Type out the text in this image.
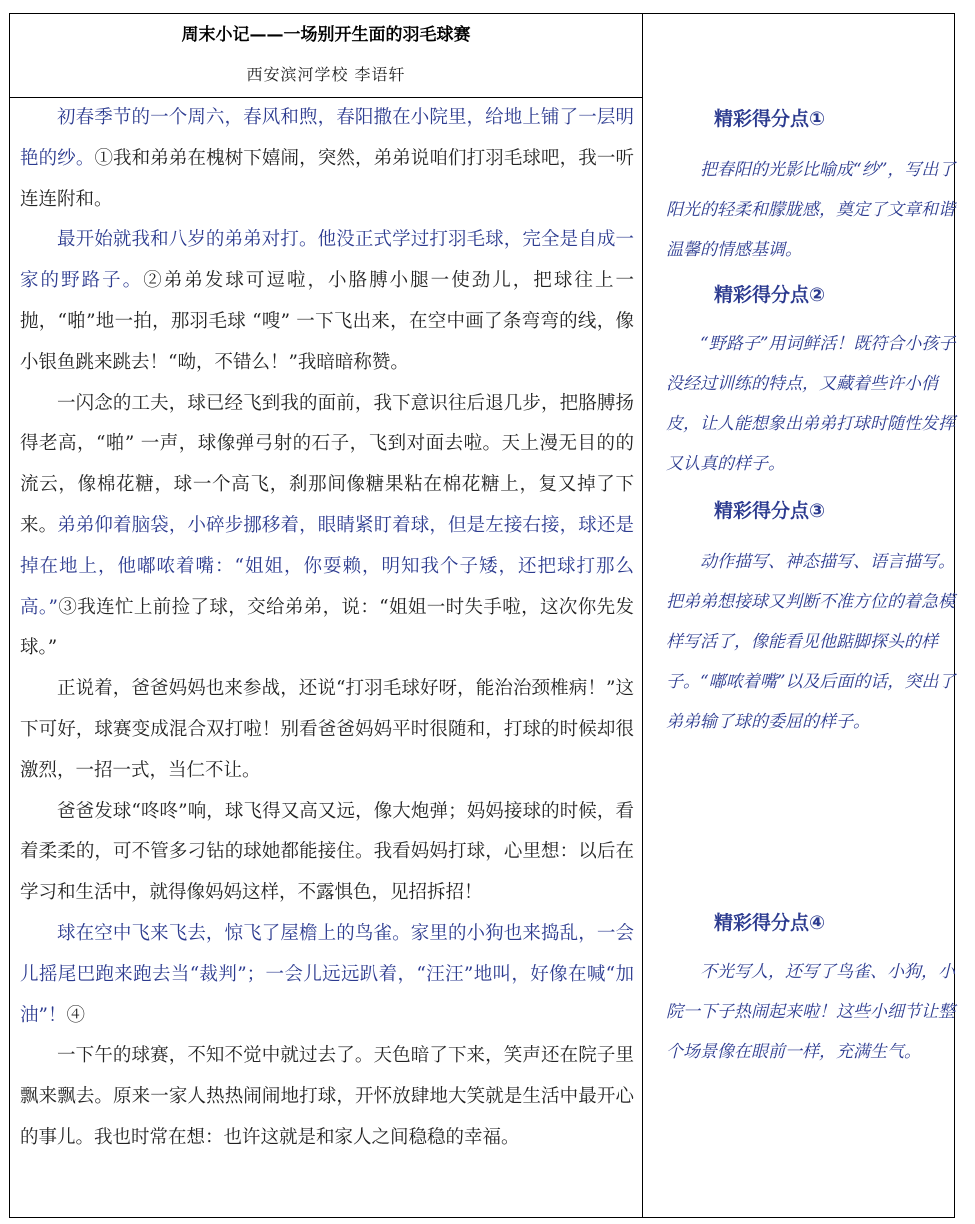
周末小记——一场别开生面的羽毛球赛
西安滨河学校 李语轩

初春季节的一个周六，春风和煦，春阳撒在小院里，给地上铺了一层明艳的纱。①我和弟弟在槐树下嬉闹，突然，弟弟说咱们打羽毛球吧，我一听连连附和。

最开始就我和八岁的弟弟对打。他没正式学过打羽毛球，完全是自成一家的野路子。②弟弟发球可逗啦，小胳膊小腿一使劲儿，把球往上一抛，“啪”地一拍，那羽毛球 “嗖” 一下飞出来，在空中画了条弯弯的线，像小银鱼跳来跳去！“呦，不错么！”我暗暗称赞。

一闪念的工夫，球已经飞到我的面前，我下意识往后退几步，把胳膊扬得老高，“啪” 一声，球像弹弓射的石子，飞到对面去啦。天上漫无目的的流云，像棉花糖，球一个高飞，刹那间像糖果粘在棉花糖上，复又掉了下来。弟弟仰着脑袋，小碎步挪移着，眼睛紧盯着球，但是左接右接，球还是掉在地上，他嘟哝着嘴：“姐姐，你耍赖，明知我个子矮，还把球打那么高。”③我连忙上前捡了球，交给弟弟，说：“姐姐一时失手啦，这次你先发球。”

正说着，爸爸妈妈也来参战，还说“打羽毛球好呀，能治治颈椎病！”这下可好，球赛变成混合双打啦！别看爸爸妈妈平时很随和，打球的时候却很激烈，一招一式，当仁不让。

爸爸发球“咚咚”响，球飞得又高又远，像大炮弹；妈妈接球的时候，看着柔柔的，可不管多刁钻的球她都能接住。我看妈妈打球，心里想：以后在学习和生活中，就得像妈妈这样，不露惧色，见招拆招！

球在空中飞来飞去，惊飞了屋檐上的鸟雀。家里的小狗也来捣乱，一会儿摇尾巴跑来跑去当“裁判”；一会儿远远趴着，“汪汪”地叫，好像在喊“加油”！④

一下午的球赛，不知不觉中就过去了。天色暗了下来，笑声还在院子里飘来飘去。原来一家人热热闹闹地打球，开怀放肆地大笑就是生活中最开心的事儿。我也时常在想：也许这就是和家人之间稳稳的幸福。

精彩得分点①
把春阳的光影比喻成“纱”，写出了阳光的轻柔和朦胧感，奠定了文章和谐温馨的情感基调。
精彩得分点②
“野路子”用词鲜活！既符合小孩子没经过训练的特点，又藏着些许小俏皮，让人能想象出弟弟打球时随性发挥又认真的样子。
精彩得分点③
动作描写、神态描写、语言描写。把弟弟想接球又判断不准方位的着急模样写活了，像能看见他踮脚探头的样子。“嘟哝着嘴”以及后面的话，突出了弟弟输了球的委屈的样子。
精彩得分点④
不光写人，还写了鸟雀、小狗，小院一下子热闹起来啦！这些小细节让整个场景像在眼前一样，充满生气。
